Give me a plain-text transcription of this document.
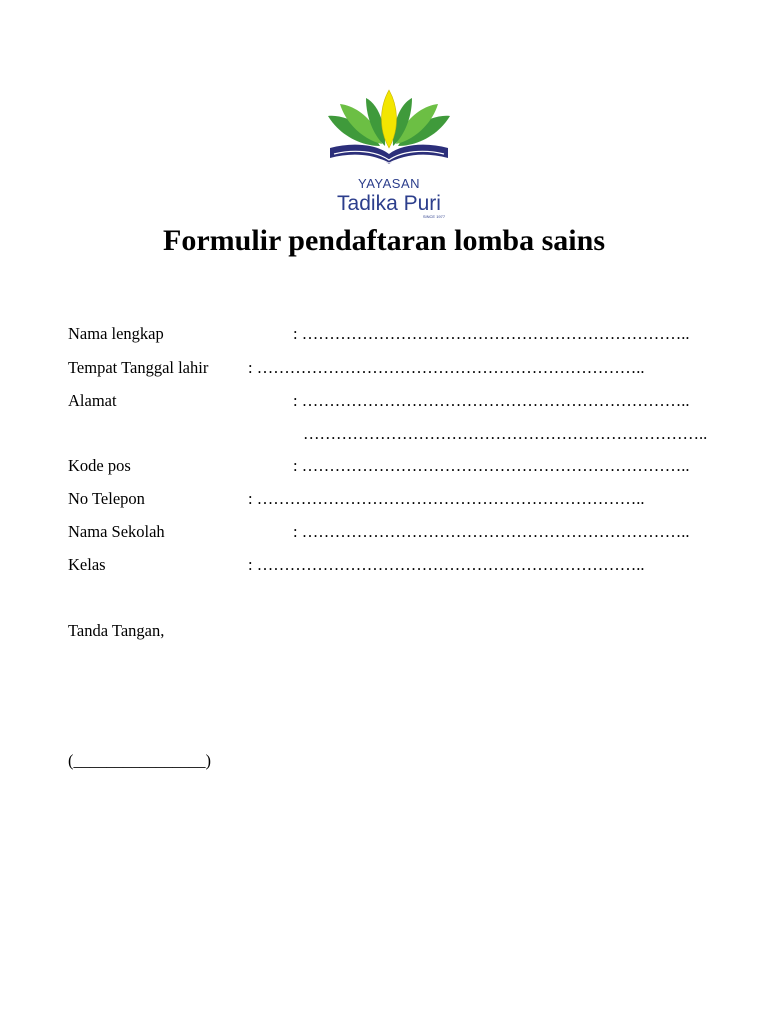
YAYASAN
Tadika Puri
SINCE 1977
Formulir pendaftaran lomba sains
Nama lengkap	: ……………………………………………………………..
Tempat Tanggal lahir : ……………………………………………………………..
Alamat	: ……………………………………………………………..
………………………………………………………………..
Kode pos	: ……………………………………………………………..
No Telepon	: ……………………………………………………………..
Nama Sekolah	: ……………………………………………………………..
Kelas	: ……………………………………………………………..
Tanda Tangan,
(________________)
